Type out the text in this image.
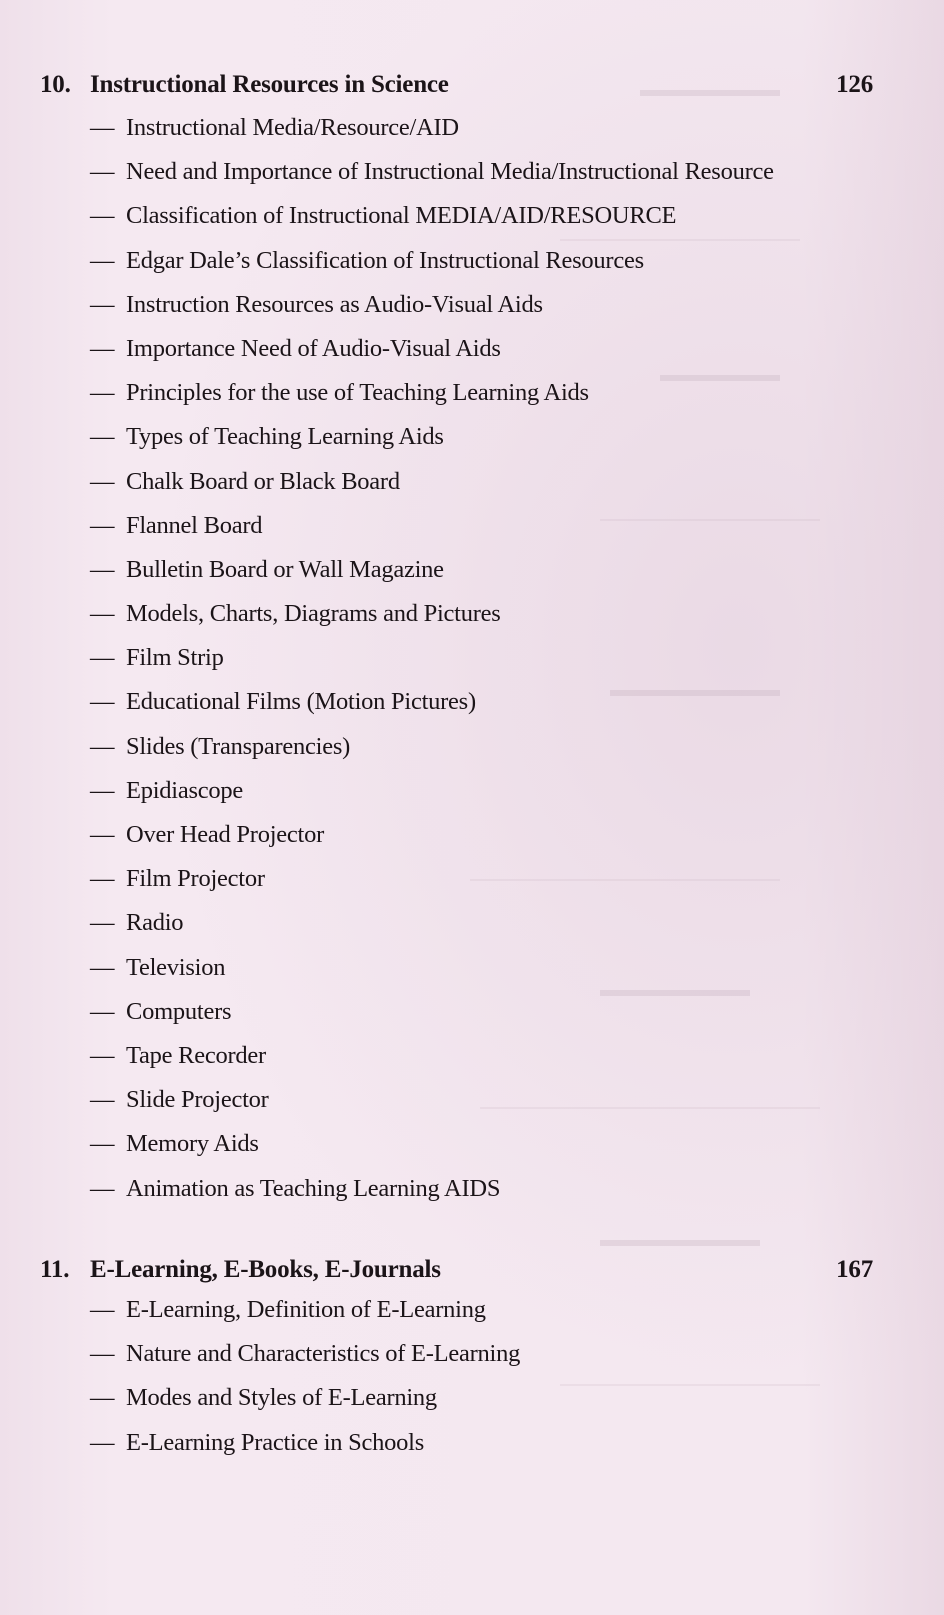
10. Instructional Resources in Science	126
— Instructional Media/Resource/AID
— Need and Importance of Instructional Media/Instructional Resource
— Classification of Instructional MEDIA/AID/RESOURCE
— Edgar Dale’s Classification of Instructional Resources
— Instruction Resources as Audio-Visual Aids
— Importance Need of Audio-Visual Aids
— Principles for the use of Teaching Learning Aids
— Types of Teaching Learning Aids
— Chalk Board or Black Board
— Flannel Board
— Bulletin Board or Wall Magazine
— Models, Charts, Diagrams and Pictures
— Film Strip
— Educational Films (Motion Pictures)
— Slides (Transparencies)
— Epidiascope
— Over Head Projector
— Film Projector
— Radio
— Television
— Computers
— Tape Recorder
— Slide Projector
— Memory Aids
— Animation as Teaching Learning AIDS
11. E-Learning, E-Books, E-Journals	167
— E-Learning, Definition of E-Learning
— Nature and Characteristics of E-Learning
— Modes and Styles of E-Learning
— E-Learning Practice in Schools
